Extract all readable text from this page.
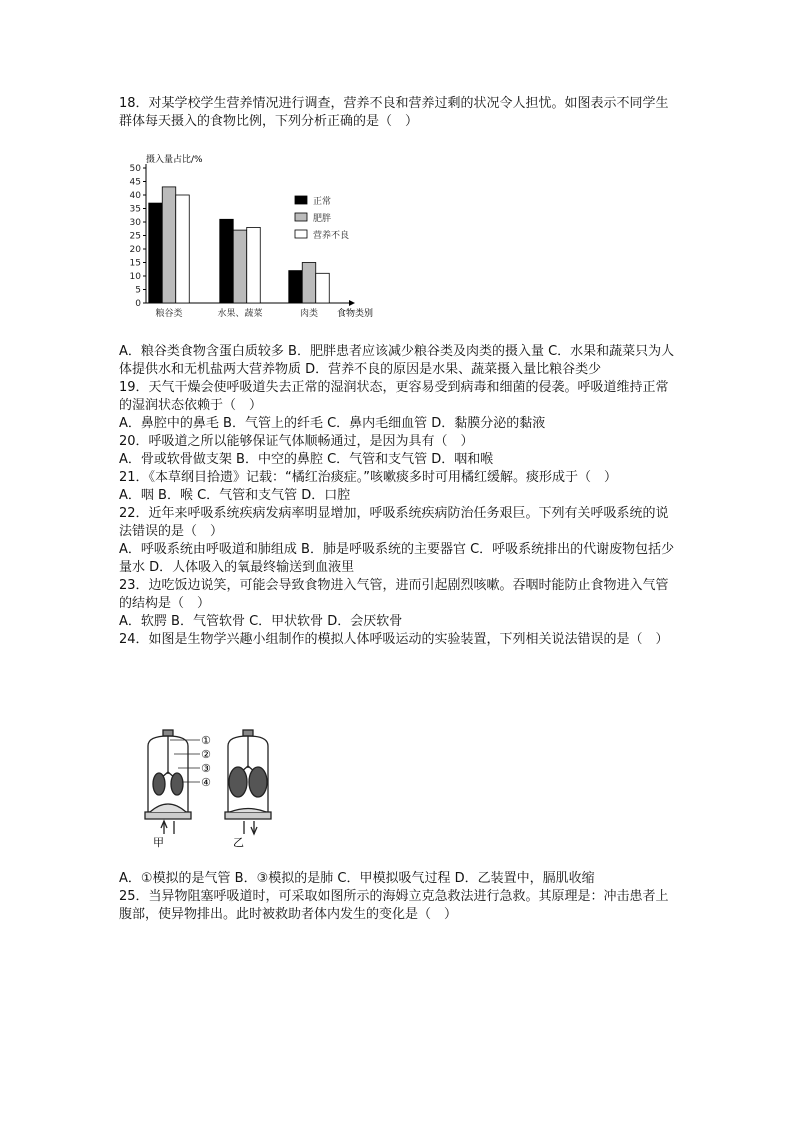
18．对某学校学生营养情况进行调查，营养不良和营养过剩的状况令人担忧。如图表示不同学生群体每天摄入的食物比例，下列分析正确的是（　）

摄入量占比/%
0
5
10
15
20
25
30
35
40
45
50
粮谷类	水果、蔬菜	肉类 食物类别
正常
肥胖
营养不良

A．粮谷类食物含蛋白质较多 B．肥胖患者应该减少粮谷类及肉类的摄入量 C．水果和蔬菜只为人体提供水和无机盐两大营养物质 D．营养不良的原因是水果、蔬菜摄入量比粮谷类少

19．天气干燥会使呼吸道失去正常的湿润状态，更容易受到病毒和细菌的侵袭。呼吸道维持正常的湿润状态依赖于（　）

A．鼻腔中的鼻毛 B．气管上的纤毛 C．鼻内毛细血管 D．黏膜分泌的黏液

20．呼吸道之所以能够保证气体顺畅通过，是因为具有（　）

A．骨或软骨做支架 B．中空的鼻腔 C．气管和支气管 D．咽和喉

21．《本草纲目拾遗》记载：“橘红治痰症。”咳嗽痰多时可用橘红缓解。痰形成于（　）

A．咽 B．喉 C．气管和支气管 D．口腔

22．近年来呼吸系统疾病发病率明显增加，呼吸系统疾病防治任务艰巨。下列有关呼吸系统的说法错误的是（　）

A．呼吸系统由呼吸道和肺组成 B．肺是呼吸系统的主要器官 C．呼吸系统排出的代谢废物包括少量水 D．人体吸入的氧最终输送到血液里

23．边吃饭边说笑，可能会导致食物进入气管，进而引起剧烈咳嗽。吞咽时能防止食物进入气管的结构是（　）

A．软腭 B．气管软骨 C．甲状软骨 D．会厌软骨

24．如图是生物学兴趣小组制作的模拟人体呼吸运动的实验装置，下列相关说法错误的是（　）

①
②
③
④
甲	乙

A．①模拟的是气管 B．③模拟的是肺 C．甲模拟吸气过程 D．乙装置中，膈肌收缩

25．当异物阻塞呼吸道时，可采取如图所示的海姆立克急救法进行急救。其原理是：冲击患者上腹部，使异物排出。此时被救助者体内发生的变化是（　）
